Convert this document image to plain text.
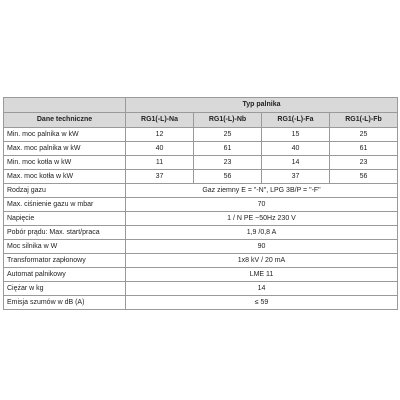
	Typ palnika			
Dane techniczne	RG1(-L)-Na	RG1(-L)-Nb	RG1(-L)-Fa	RG1(-L)-Fb
Min. moc palnika w kW	12	25	15	25
Max. moc palnika w kW	40	61	40	61
Min. moc kotła w kW	11	23	14	23
Max. moc kotła w kW	37	56	37	56
Rodzaj gazu	Gaz ziemny E = "-N", LPG 3B/P = "-F"			
Max. ciśnienie gazu w mbar	70			
Napięcie	1 / N PE ~50Hz 230 V			
Pobór prądu: Max. start/praca	1,9 /0,8 A			
Moc silnika w W	90			
Transformator zapłonowy	1x8 kV / 20 mA			
Automat palnikowy	LME 11			
Ciężar w kg	14			
Emisja szumów w dB (A)	≤ 59			
